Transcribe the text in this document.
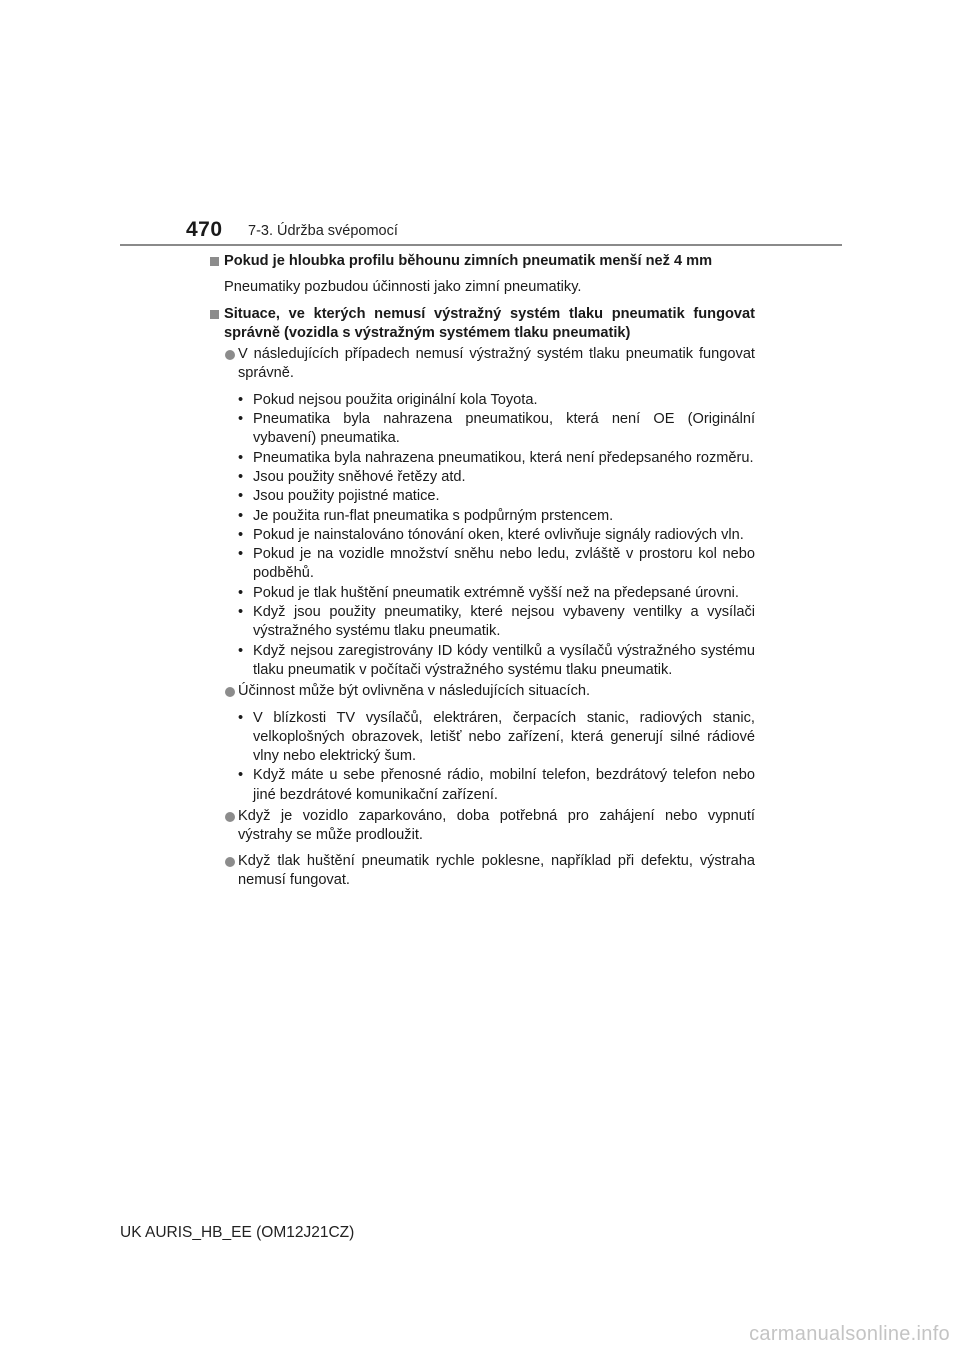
470 7-3. Údržba svépomocí
Pokud je hloubka profilu běhounu zimních pneumatik menší než 4 mm
Pneumatiky pozbudou účinnosti jako zimní pneumatiky.
Situace, ve kterých nemusí výstražný systém tlaku pneumatik fungovat správně (vozidla s výstražným systémem tlaku pneumatik)
V následujících případech nemusí výstražný systém tlaku pneumatik fungovat správně.
• Pokud nejsou použita originální kola Toyota.
• Pneumatika byla nahrazena pneumatikou, která není OE (Originální vybavení) pneumatika.
• Pneumatika byla nahrazena pneumatikou, která není předepsaného rozměru.
• Jsou použity sněhové řetězy atd.
• Jsou použity pojistné matice.
• Je použita run-flat pneumatika s podpůrným prstencem.
• Pokud je nainstalováno tónování oken, které ovlivňuje signály radiových vln.
• Pokud je na vozidle množství sněhu nebo ledu, zvláště v prostoru kol nebo podběhů.
• Pokud je tlak huštění pneumatik extrémně vyšší než na předepsané úrovni.
• Když jsou použity pneumatiky, které nejsou vybaveny ventilky a vysílači výstražného systému tlaku pneumatik.
• Když nejsou zaregistrovány ID kódy ventilků a vysílačů výstražného systému tlaku pneumatik v počítači výstražného systému tlaku pneumatik.
Účinnost může být ovlivněna v následujících situacích.
• V blízkosti TV vysílačů, elektráren, čerpacích stanic, radiových stanic, velkoplošných obrazovek, letišť nebo zařízení, která generují silné rádiové vlny nebo elektrický šum.
• Když máte u sebe přenosné rádio, mobilní telefon, bezdrátový telefon nebo jiné bezdrátové komunikační zařízení.
Když je vozidlo zaparkováno, doba potřebná pro zahájení nebo vypnutí výstrahy se může prodloužit.
Když tlak huštění pneumatik rychle poklesne, například při defektu, výstraha nemusí fungovat.
UK AURIS_HB_EE (OM12J21CZ)
carmanualsonline.info
